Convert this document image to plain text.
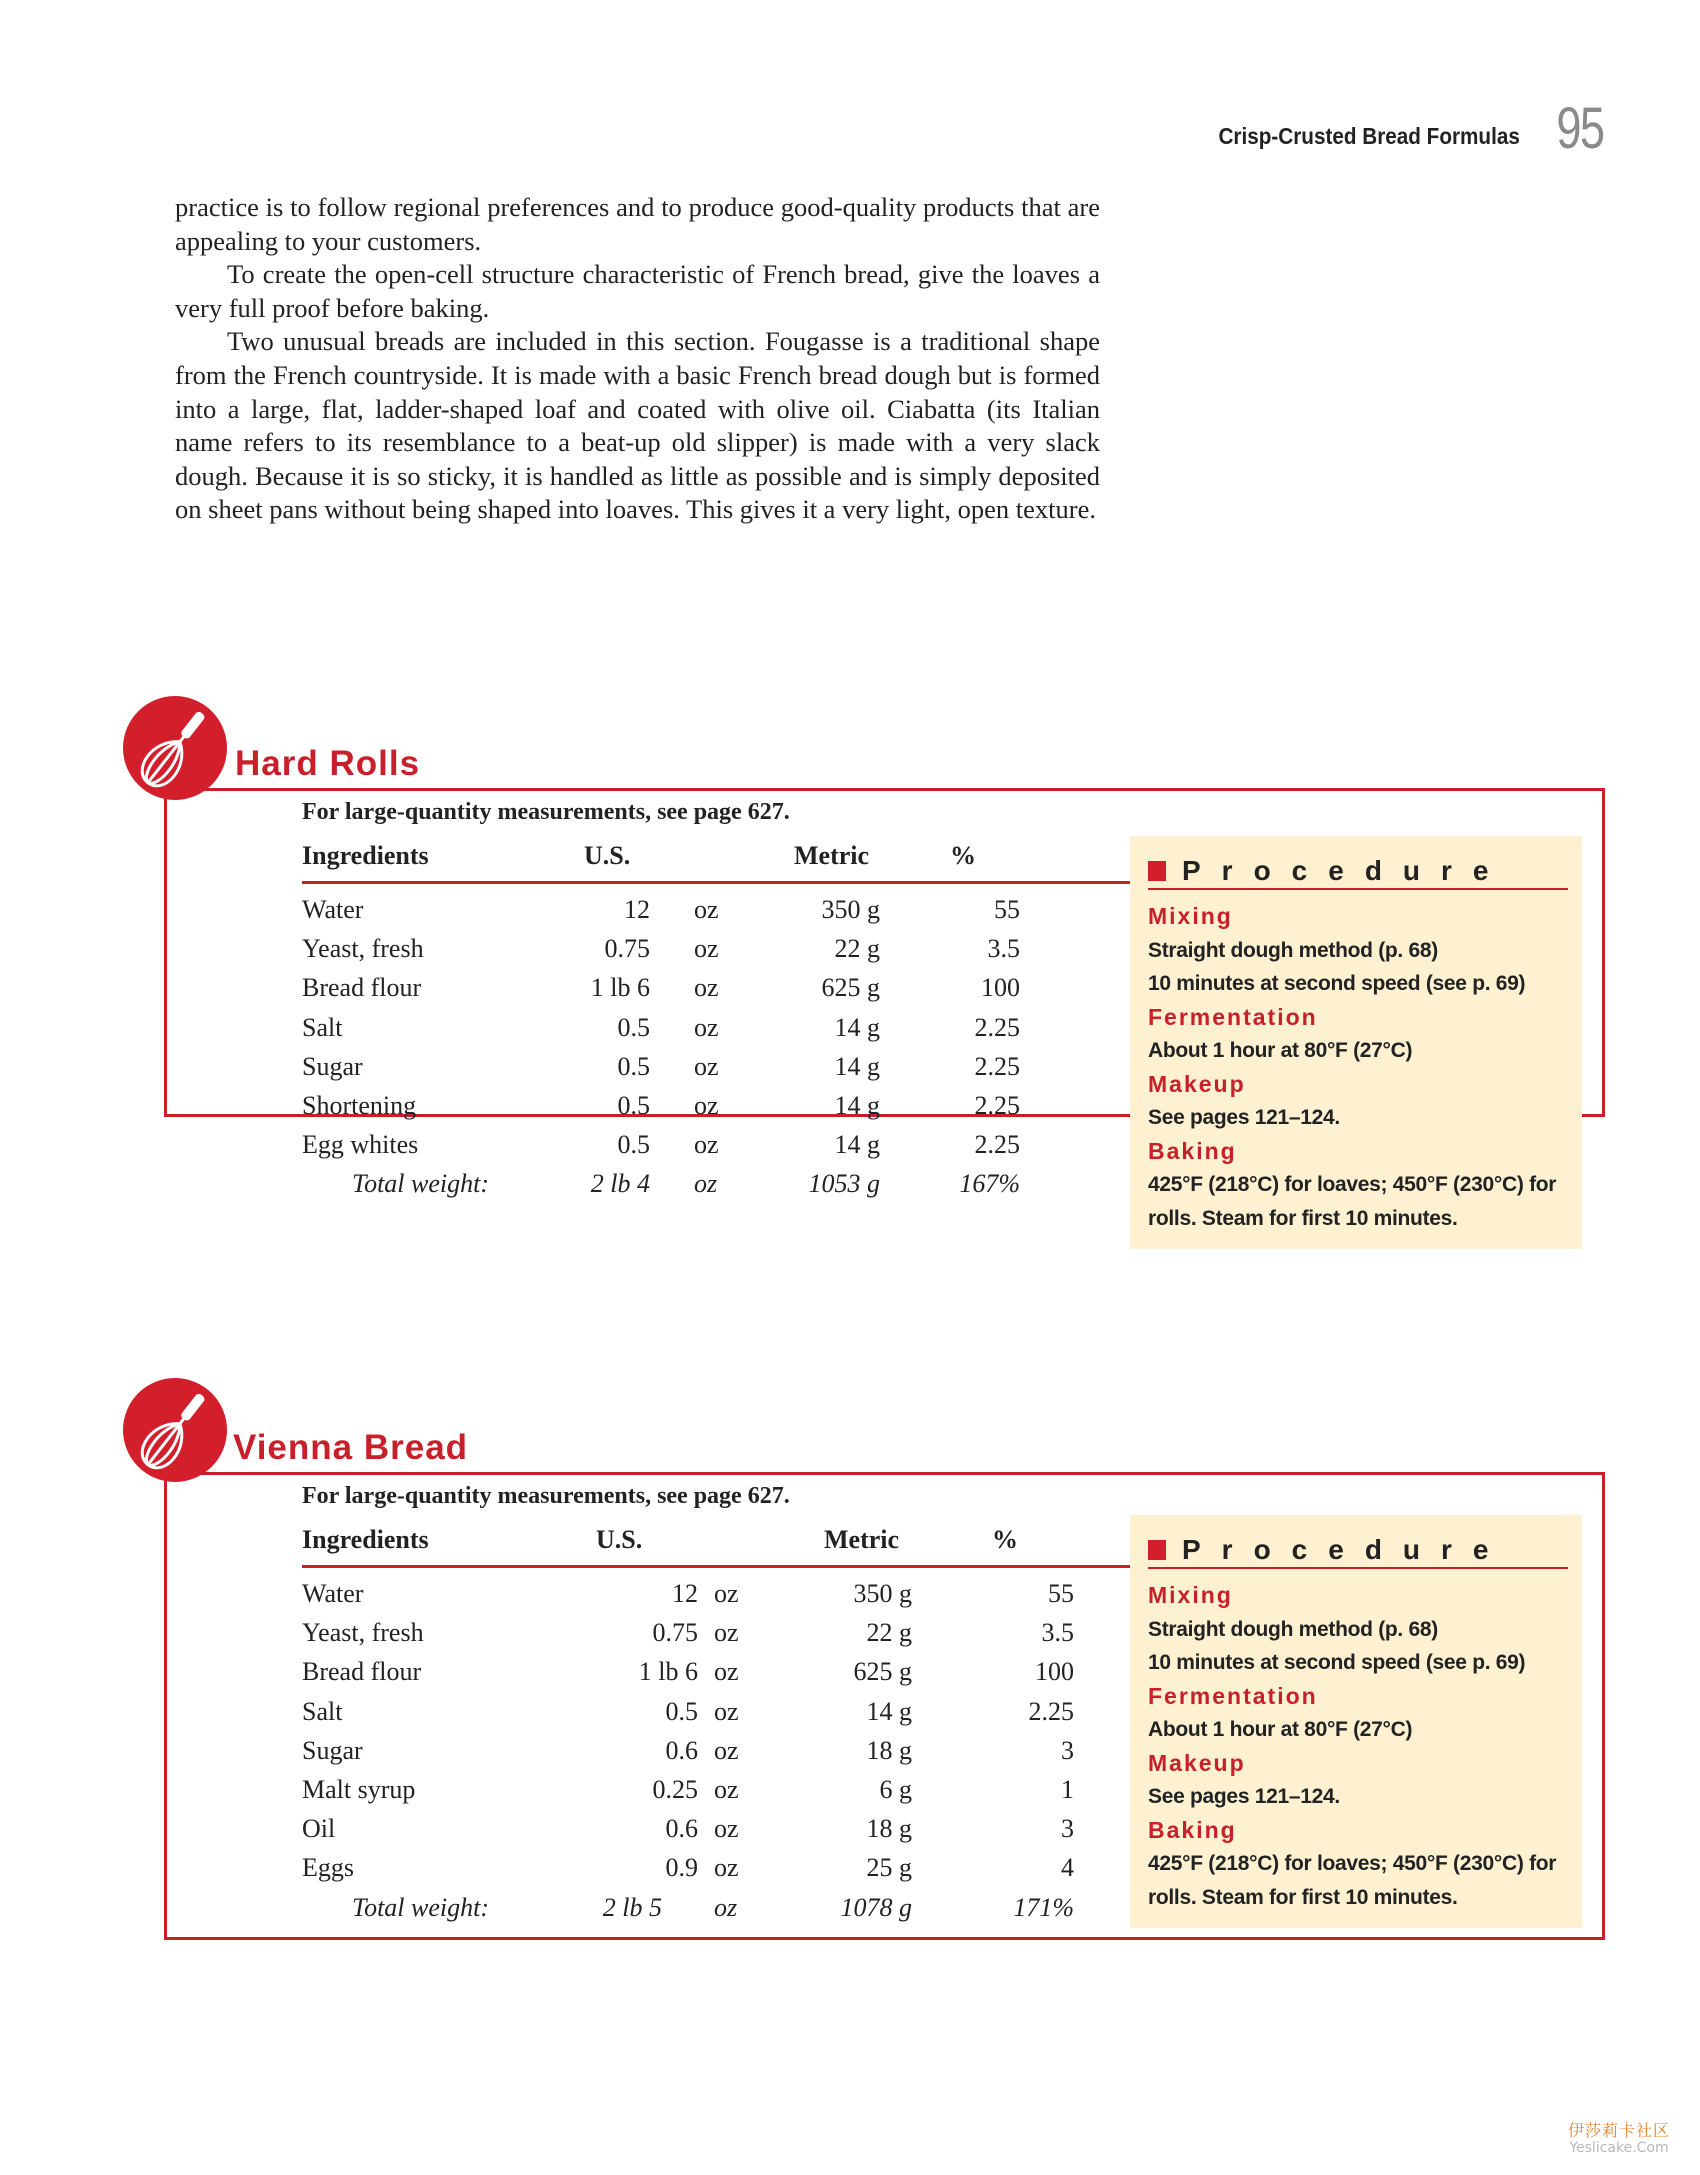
Crisp-Crusted Bread Formulas 95

practice is to follow regional preferences and to produce good-quality products that are appealing to your customers.

To create the open-cell structure characteristic of French bread, give the loaves a very full proof before baking.

Two unusual breads are included in this section. Fougasse is a traditional shape from the French countryside. It is made with a basic French bread dough but is formed into a large, flat, ladder-shaped loaf and coated with olive oil. Ciabatta (its Italian name refers to its resemblance to a beat-up old slipper) is made with a very slack dough. Because it is so sticky, it is handled as little as possible and is simply deposited on sheet pans without being shaped into loaves. This gives it a very light, open texture.

Hard Rolls

For large-quantity measurements, see page 627.

Ingredients	U.S.	Metric	%
Water	12 oz	350 g	55
Yeast, fresh	0.75 oz	22 g	3.5
Bread flour	1 lb 6 oz	625 g	100
Salt	0.5 oz	14 g	2.25
Sugar	0.5 oz	14 g	2.25
Shortening	0.5 oz	14 g	2.25
Egg whites	0.5 oz	14 g	2.25
Total weight:	2 lb 4 oz	1053 g	167%
Procedure
Mixing
Straight dough method (p. 68)
10 minutes at second speed (see p. 69)
Fermentation
About 1 hour at 80°F (27°C)
Makeup
See pages 121–124.
Baking
425°F (218°C) for loaves; 450°F (230°C) for rolls. Steam for first 10 minutes.
Vienna Bread

For large-quantity measurements, see page 627.

Ingredients	U.S.	Metric	%
Water	12 oz	350 g	55
Yeast, fresh	0.75 oz	22 g	3.5
Bread flour	1 lb 6 oz	625 g	100
Salt	0.5 oz	14 g	2.25
Sugar	0.6 oz	18 g	3
Malt syrup	0.25 oz	6 g	1
Oil	0.6 oz	18 g	3
Eggs	0.9 oz	25 g	4
Total weight:	2 lb 5 oz	1078 g	171%
Procedure
Mixing
Straight dough method (p. 68)
10 minutes at second speed (see p. 69)
Fermentation
About 1 hour at 80°F (27°C)
Makeup
See pages 121–124.
Baking
425°F (218°C) for loaves; 450°F (230°C) for rolls. Steam for first 10 minutes.
伊莎莉卡社区
Yeslicake.Com
